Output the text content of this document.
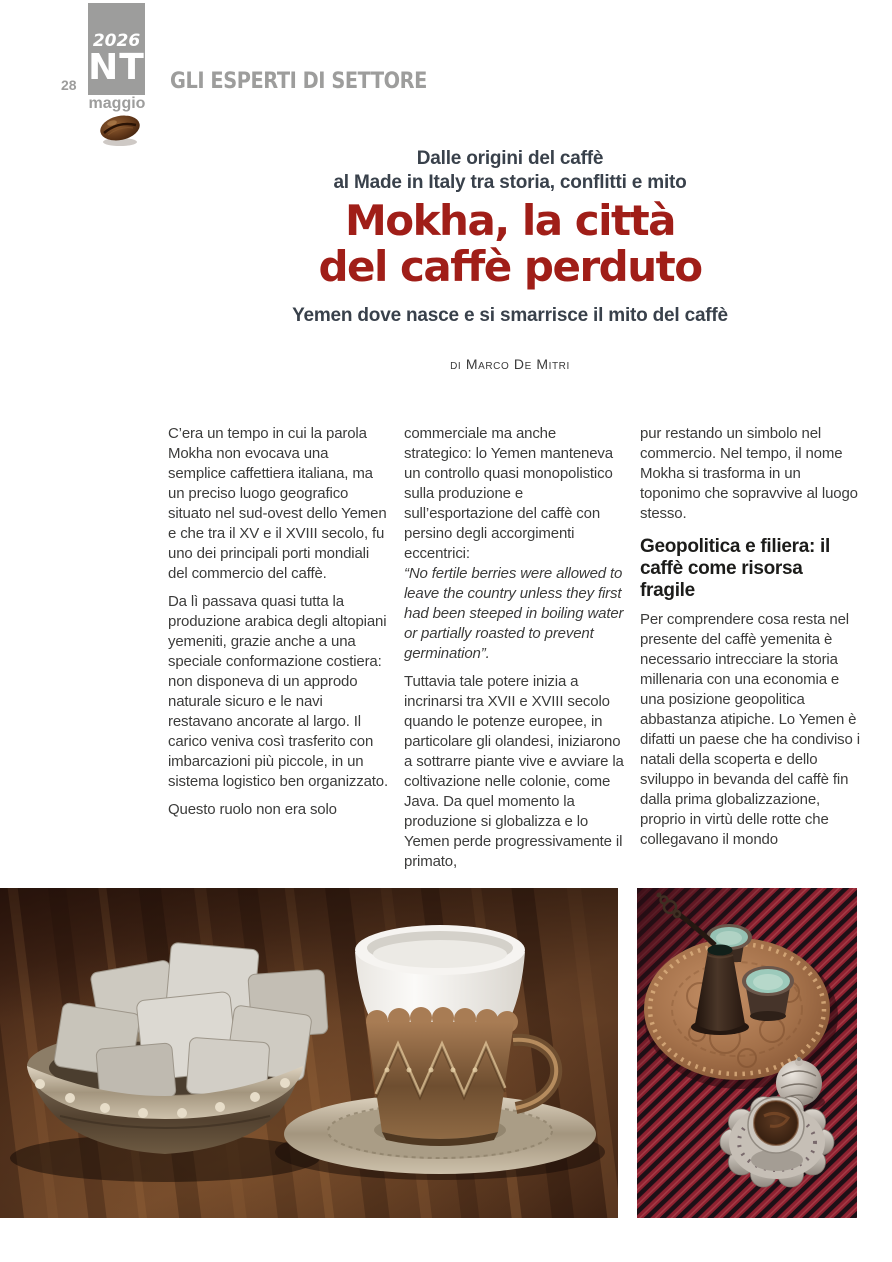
28
2026
NT
maggio
GLI ESPERTI DI SETTORE

Dalle origini del caffè

al Made in Italy tra storia, conflitti e mito

Mokha, la città
del caffè perduto

Yemen dove nasce e si smarrisce il mito del caffè

di Marco De Mitri

C’era un tempo in cui la parola Mokha non evocava una semplice caffettiera italiana, ma un preciso luogo geografico situato nel sud-ovest dello Yemen e che tra il XV e il XVIII secolo, fu uno dei principali porti mondiali del commercio del caffè.

Da lì passava quasi tutta la produzione arabica degli altopiani yemeniti, grazie anche a una speciale conformazione costiera: non disponeva di un approdo naturale sicuro e le navi restavano ancorate al largo. Il carico veniva così trasferito con imbarcazioni più piccole, in un sistema logistico ben organizzato.

Questo ruolo non era solo

commerciale ma anche strategico: lo Yemen manteneva un controllo quasi monopolistico sulla produzione e sull’esportazione del caffè con persino degli accorgimenti eccentrici:

“No fertile berries were allowed to leave the country unless they first had been steeped in boiling water or partially roasted to prevent germination”.

Tuttavia tale potere inizia a incrinarsi tra XVII e XVIII secolo quando le potenze europee, in particolare gli olandesi, iniziarono a sottrarre piante vive e avviare la coltivazione nelle colonie, come Java. Da quel momento la produzione si globalizza e lo Yemen perde progressivamente il primato,

pur restando un simbolo nel commercio. Nel tempo, il nome Mokha si trasforma in un toponimo che sopravvive al luogo stesso.

Geopolitica e filiera: il caffè come risorsa fragile

Per comprendere cosa resta nel presente del caffè yemenita è necessario intrecciare la storia millenaria con una economia e una posizione geopolitica abbastanza atipiche. Lo Yemen è difatti un paese che ha condiviso i natali della scoperta e dello sviluppo in bevanda del caffè fin dalla prima globalizzazione, proprio in virtù delle rotte che collegavano il mondo
